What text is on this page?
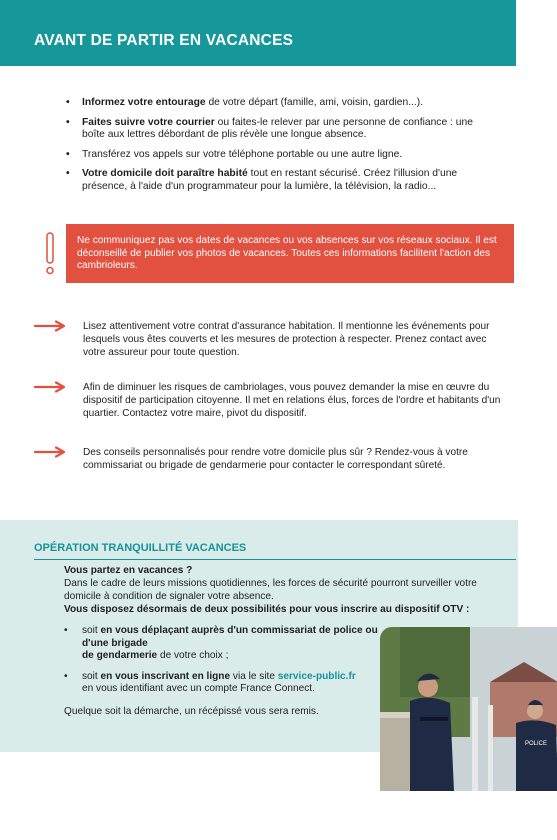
AVANT DE PARTIR EN VACANCES
• Informez votre entourage de votre départ (famille, ami, voisin, gardien...).
• Faites suivre votre courrier ou faites-le relever par une personne de confiance : une boîte aux lettres débordant de plis révèle une longue absence.
• Transférez vos appels sur votre téléphone portable ou une autre ligne.
• Votre domicile doit paraître habité tout en restant sécurisé. Créez l'illusion d'une présence, à l'aide d'un programmateur pour la lumière, la télévision, la radio...

Ne communiquez pas vos dates de vacances ou vos absences sur vos réseaux sociaux. Il est déconseillé de publier vos photos de vacances. Toutes ces informations facilitent l'action des cambrioleurs.

Lisez attentivement votre contrat d'assurance habitation. Il mentionne les événements pour lesquels vous êtes couverts et les mesures de protection à respecter. Prenez contact avec votre assureur pour toute question.

Afin de diminuer les risques de cambriolages, vous pouvez demander la mise en œuvre du dispositif de participation citoyenne. Il met en relations élus, forces de l'ordre et habitants d'un quartier. Contactez votre maire, pivot du dispositif.

Des conseils personnalisés pour rendre votre domicile plus sûr ? Rendez-vous à votre commissariat ou brigade de gendarmerie pour contacter le correspondant sûreté.

OPÉRATION TRANQUILLITÉ VACANCES

Vous partez en vacances ?

Dans le cadre de leurs missions quotidiennes, les forces de sécurité pourront surveiller votre domicile à condition de signaler votre absence.

Vous disposez désormais de deux possibilités pour vous inscrire au dispositif OTV :

• soit en vous déplaçant auprès d'un commissariat de police ou d'une brigade
de gendarmerie de votre choix ;
• soit en vous inscrivant en ligne via le site service-public.fr
en vous identifiant avec un compte France Connect.

Quelque soit la démarche, un récépissé vous sera remis.

POLICE
